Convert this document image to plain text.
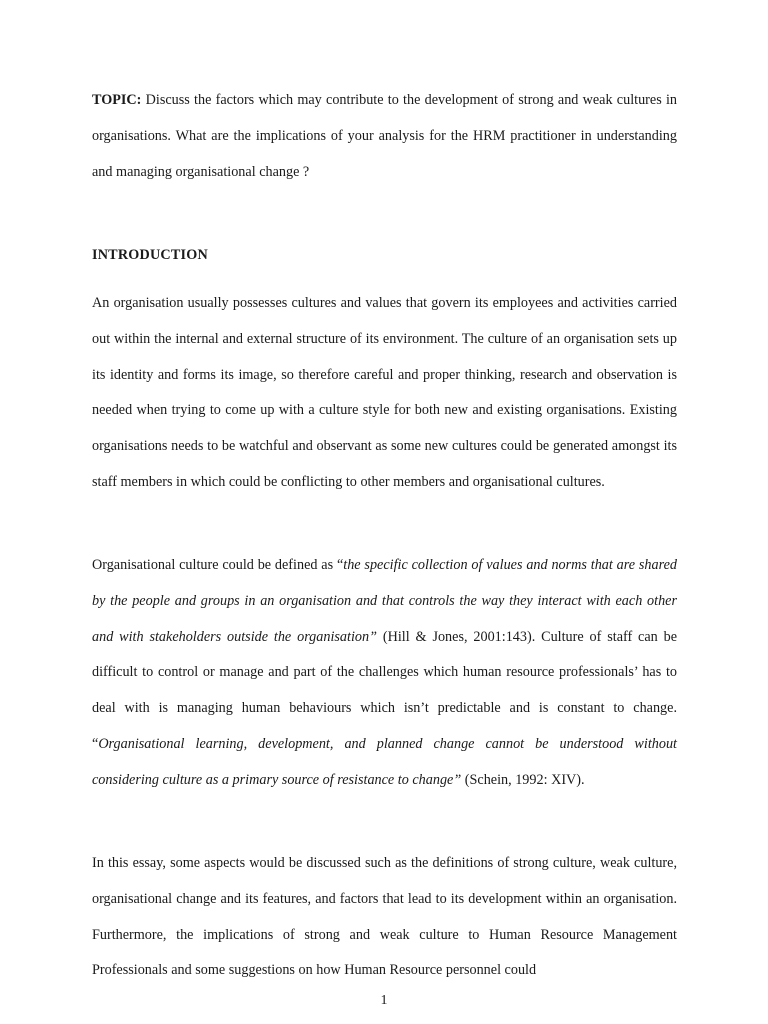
TOPIC: Discuss the factors which may contribute to the development of strong and weak cultures in organisations. What are the implications of your analysis for the HRM practitioner in understanding and managing organisational change ?

INTRODUCTION

An organisation usually possesses cultures and values that govern its employees and activities carried out within the internal and external structure of its environment. The culture of an organisation sets up its identity and forms its image, so therefore careful and proper thinking, research and observation is needed when trying to come up with a culture style for both new and existing organisations. Existing organisations needs to be watchful and observant as some new cultures could be generated amongst its staff members in which could be conflicting to other members and organisational cultures.

Organisational culture could be defined as “the specific collection of values and norms that are shared by the people and groups in an organisation and that controls the way they interact with each other and with stakeholders outside the organisation” (Hill & Jones, 2001:143). Culture of staff can be difficult to control or manage and part of the challenges which human resource professionals’ has to deal with is managing human behaviours which isn’t predictable and is constant to change. “Organisational learning, development, and planned change cannot be understood without considering culture as a primary source of resistance to change” (Schein, 1992: XIV).

In this essay, some aspects would be discussed such as the definitions of strong culture, weak culture, organisational change and its features, and factors that lead to its development within an organisation. Furthermore, the implications of strong and weak culture to Human Resource Management Professionals and some suggestions on how Human Resource personnel could

1
